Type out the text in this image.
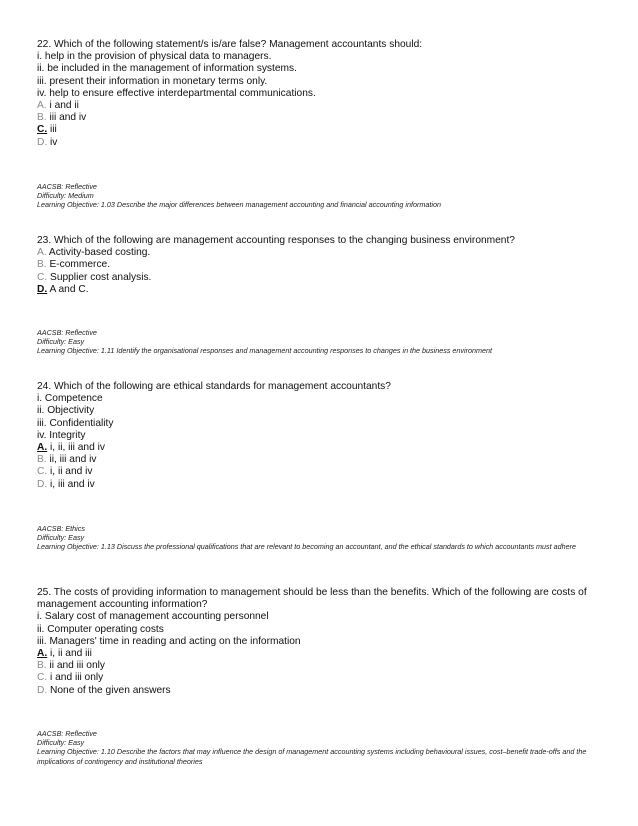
22. Which of the following statement/s is/are false? Management accountants should:
i. help in the provision of physical data to managers.
ii. be included in the management of information systems.
iii. present their information in monetary terms only.
iv. help to ensure effective interdepartmental communications.
A. i and ii
B. iii and iv
C. iii
D. iv
AACSB: Reflective
Difficulty: Medium
Learning Objective: 1.03 Describe the major differences between management accounting and financial accounting information
23. Which of the following are management accounting responses to the changing business environment?
A. Activity-based costing.
B. E-commerce.
C. Supplier cost analysis.
D. A and C.
AACSB: Reflective
Difficulty: Easy
Learning Objective: 1.11 Identify the organisational responses and management accounting responses to changes in the business environment
24. Which of the following are ethical standards for management accountants?
i. Competence
ii. Objectivity
iii. Confidentiality
iv. Integrity
A. i, ii, iii and iv
B. ii, iii and iv
C. i, ii and iv
D. i, iii and iv
AACSB: Ethics
Difficulty: Easy
Learning Objective: 1.13 Discuss the professional qualifications that are relevant to becoming an accountant, and the ethical standards to which accountants must adhere
25. The costs of providing information to management should be less than the benefits. Which of the following are costs of management accounting information?
i. Salary cost of management accounting personnel
ii. Computer operating costs
iii. Managers' time in reading and acting on the information
A. i, ii and iii
B. ii and iii only
C. i and iii only
D. None of the given answers
AACSB: Reflective
Difficulty: Easy
Learning Objective: 1.10 Describe the factors that may influence the design of management accounting systems including behavioural issues, cost–benefit trade-offs and the implications of contingency and institutional theories
